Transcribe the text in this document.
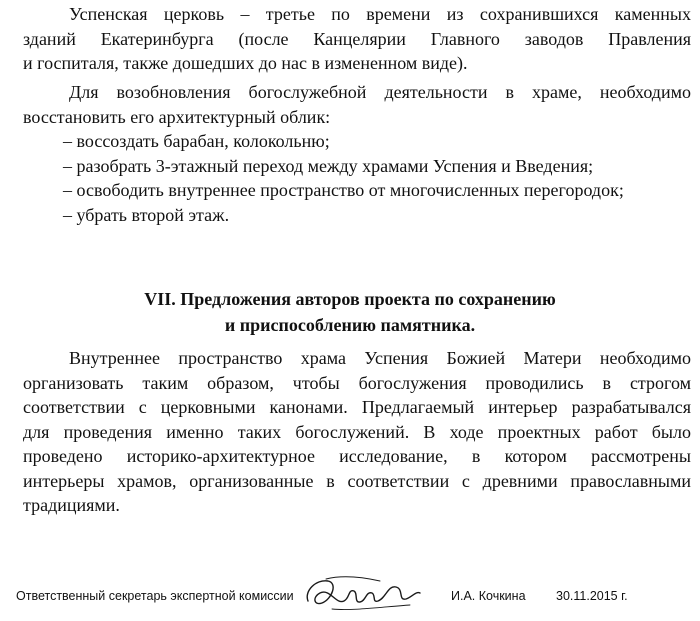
Успенская церковь – третье по времени из сохранившихся каменных
зданий Екатеринбурга (после Канцелярии Главного заводов Правления
и госпиталя, также дошедших до нас в измененном виде).
Для возобновления богослужебной деятельности в храме, необходимо
восстановить его архитектурный облик:
– воссоздать барабан, колокольню;
– разобрать 3-этажный переход между храмами Успения и Введения;
– освободить внутреннее пространство от многочисленных перегородок;
– убрать второй этаж.
VII. Предложения авторов проекта по сохранению
и приспособлению памятника.
Внутреннее пространство храма Успения Божией Матери необходимо
организовать таким образом, чтобы богослужения проводились в строгом
соответствии с церковными канонами. Предлагаемый интерьер разрабатывался
для проведения именно таких богослужений. В ходе проектных работ было
проведено историко-архитектурное исследование, в котором рассмотрены
интерьеры храмов, организованные в соответствии с древними православными
традициями.
Ответственный секретарь экспертной комиссии	И.А. Кочкина 30.11.2015 г.
